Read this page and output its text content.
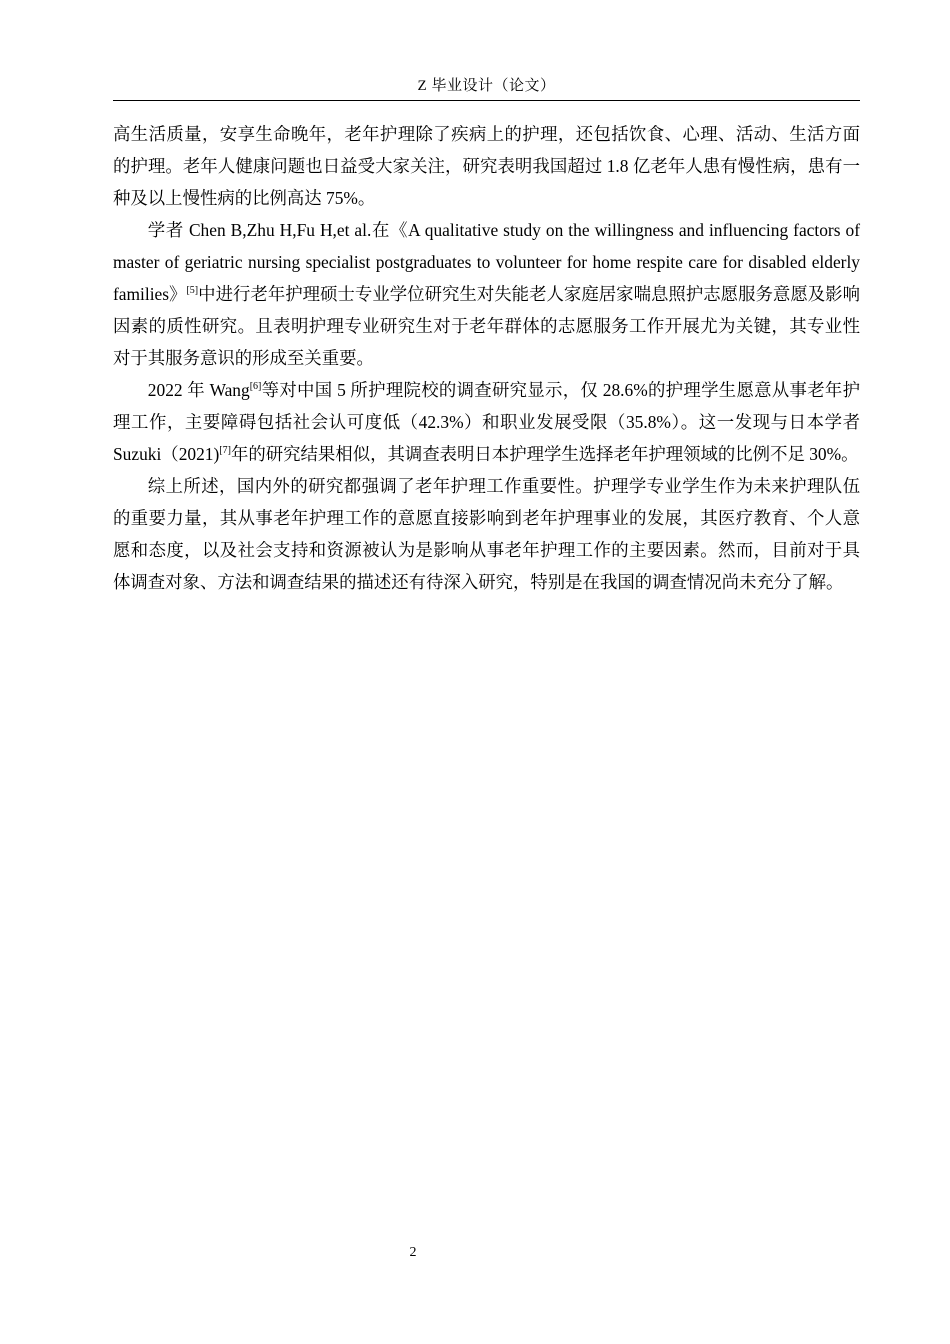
Z 毕业设计（论文）

高生活质量，安享生命晚年，老年护理除了疾病上的护理，还包括饮食、心理、活动、生活方面的护理。老年人健康问题也日益受大家关注，研究表明我国超过 1.8 亿老年人患有慢性病，患有一种及以上慢性病的比例高达 75%。

学者 Chen B,Zhu H,Fu H,et al.在《A qualitative study on the willingness and influencing factors of master of geriatric nursing specialist postgraduates to volunteer for home respite care for disabled elderly families》[5]中进行老年护理硕士专业学位研究生对失能老人家庭居家喘息照护志愿服务意愿及影响因素的质性研究。且表明护理专业研究生对于老年群体的志愿服务工作开展尤为关键，其专业性对于其服务意识的形成至关重要。

2022 年 Wang[6]等对中国 5 所护理院校的调查研究显示，仅 28.6%的护理学生愿意从事老年护理工作，主要障碍包括社会认可度低（42.3%）和职业发展受限（35.8%）。这一发现与日本学者 Suzuki（2021)[7]年的研究结果相似，其调查表明日本护理学生选择老年护理领域的比例不足 30%。

综上所述，国内外的研究都强调了老年护理工作重要性。护理学专业学生作为未来护理队伍的重要力量，其从事老年护理工作的意愿直接影响到老年护理事业的发展，其医疗教育、个人意愿和态度，以及社会支持和资源被认为是影响从事老年护理工作的主要因素。然而，目前对于具体调查对象、方法和调查结果的描述还有待深入研究，特别是在我国的调查情况尚未充分了解。

2
